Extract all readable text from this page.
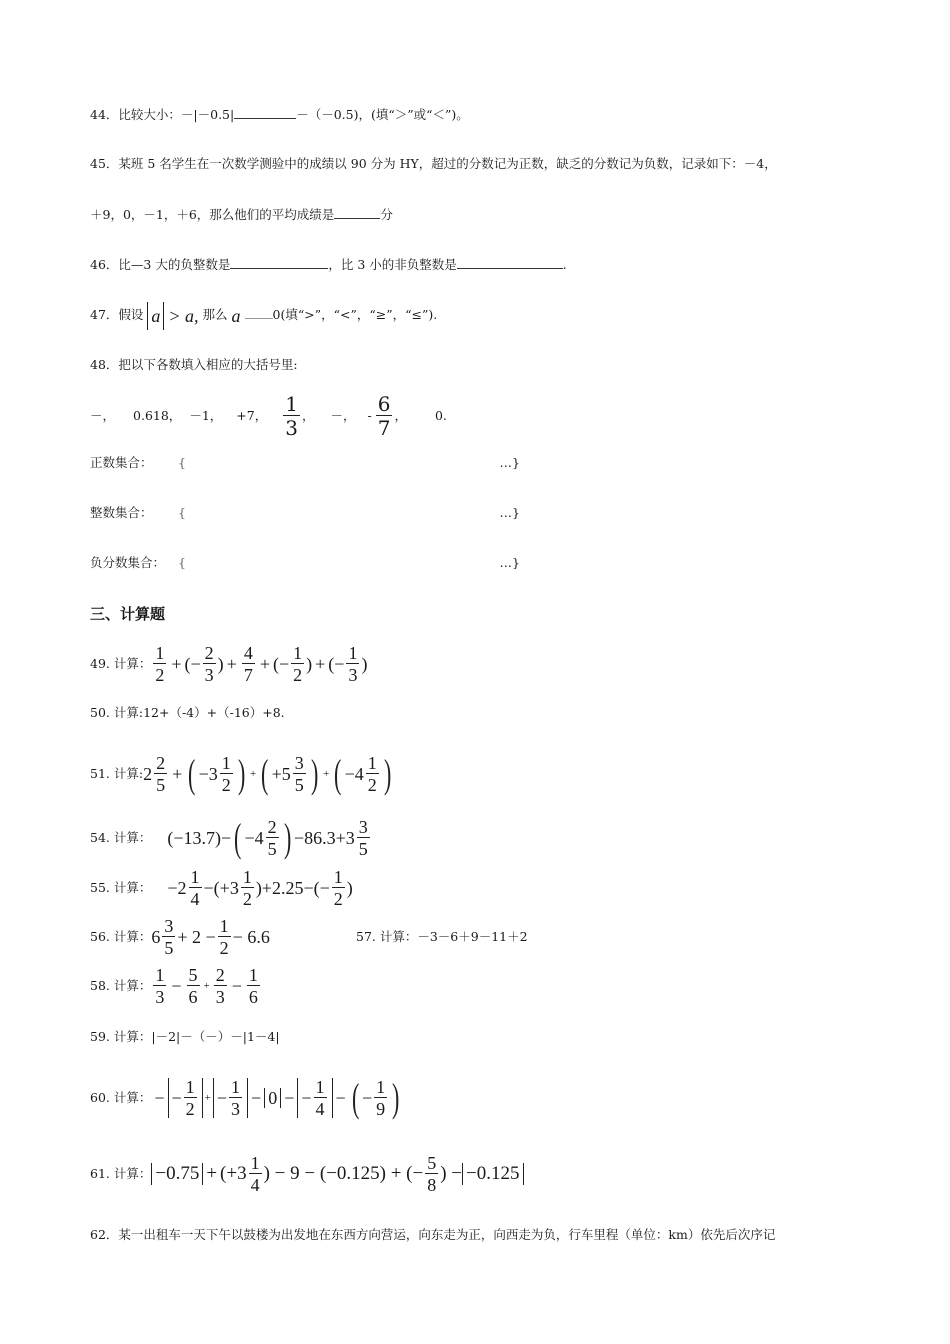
44．比较大小：－|－0.5|	－（－0.5)，(填“＞”或“＜”)。
45．某班 5 名学生在一次数学测验中的成绩以 90 分为 HY，超过的分数记为正数，缺乏的分数记为负数，记录如下：－4，
＋9，0，－1，＋6，那么他们的平均成绩是	分
46．比—3 大的负整数是	，比 3 小的非负整数是	.
47．假设 a > a, 那么 a	0(填“>”，“<”，“≥”，“≤”).
48．把以下各数填入相应的大括号里:
－， 0.618， －1， +7， $\frac{1}{3}$ ， －， - $\frac{6}{7}$ ， 0.
正数集合： {	…}
整数集合： {	…}
负分数集合： {	…}
三、计算题
49. 计算： $\frac{1}{2}$ + (− $\frac{2}{3}$ ) + $\frac{4}{7}$ + (− $\frac{1}{2}$ ) + (− $\frac{1}{3}$ )
50. 计算:12+（-4）+（-16）+8.
51. 计算: $2 \frac{2}{5}$ + ( $-3 \frac{1}{2}$ ) + ( $+5 \frac{3}{5}$ ) + ( $-4 \frac{1}{2}$ )
54. 计算： (−13.7)− ( $-4 \frac{2}{5}$ ) $-86.3+3 \frac{3}{5}$
55. 计算： $-2 \frac{1}{4} -(+3 \frac{1}{2} )+2.25-(- \frac{1}{2}$ )
56. 计算： $6 \frac{3}{5} + 2 - \frac{1}{2} - 6.6$	57. 计算：－3－6＋9－11＋2
58. 计算： $\frac{1}{3} - \frac{5}{6} + \frac{2}{3} - \frac{1}{6}$
59. 计算：|－2|－（－）－|1－4|
60. 计算： − − $\frac{1}{2}$ + − $\frac{1}{3} - 0$ − − $\frac{1}{4}$ − ( − $\frac{1}{9}$ )
61. 计算： $-0.75 + (+3 \frac{1}{4}$ ) − 9 − (−0.125) + (− $\frac{5}{8}$ ) − −0.125
62．某一出租车一天下午以鼓楼为出发地在东西方向营运，向东走为正，向西走为负，行车里程（单位：km）依先后次序记
